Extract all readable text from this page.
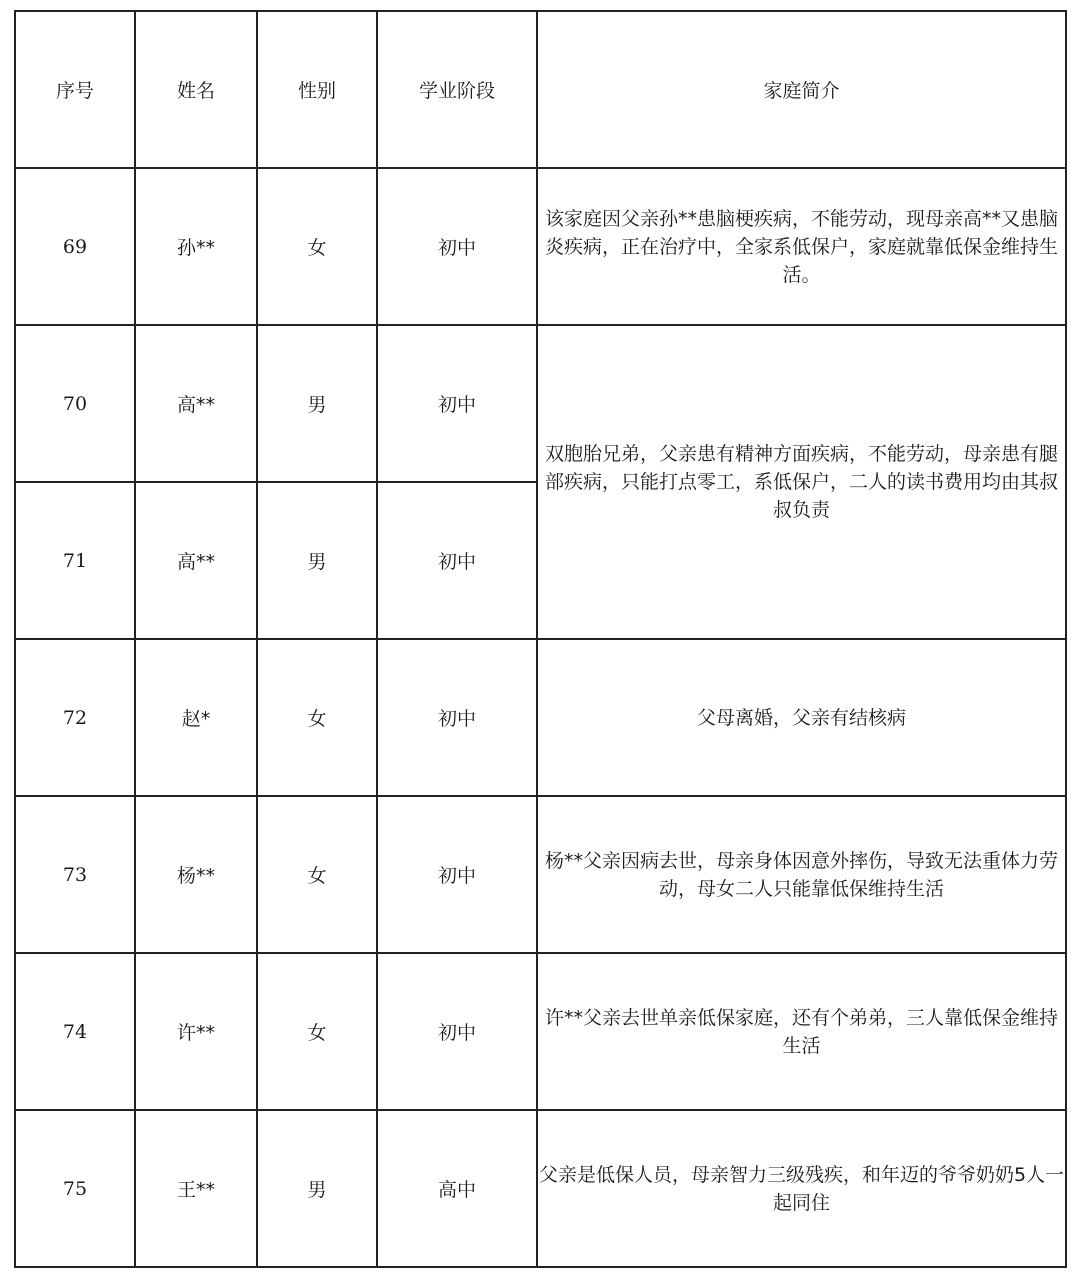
序号	姓名	性别	学业阶段	家庭简介
69	孙**	女	初中	该家庭因父亲孙**患脑梗疾病，不能劳动，现母亲高**又患脑炎疾病，正在治疗中，全家系低保户，家庭就靠低保金维持生活。
70	高**	男	初中	双胞胎兄弟，父亲患有精神方面疾病，不能劳动，母亲患有腿部疾病，只能打点零工，系低保户，二人的读书费用均由其叔叔负责
71	高**	男	初中	
72	赵*	女	初中	父母离婚，父亲有结核病
73	杨**	女	初中	杨**父亲因病去世，母亲身体因意外摔伤，导致无法重体力劳动，母女二人只能靠低保维持生活
74	许**	女	初中	许**父亲去世单亲低保家庭，还有个弟弟，三人靠低保金维持生活
75	王**	男	高中	父亲是低保人员，母亲智力三级残疾，和年迈的爷爷奶奶5人一起同住
